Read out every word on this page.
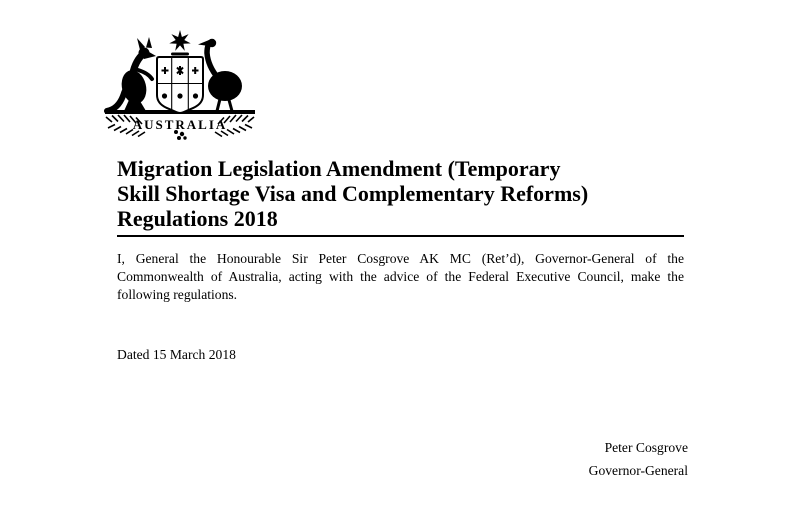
AUSTRALIA
Migration Legislation Amendment (Temporary
Skill Shortage Visa and Complementary Reforms)
Regulations 2018

I, General the Honourable Sir Peter Cosgrove AK MC (Ret’d), Governor-General of the Commonwealth of Australia, acting with the advice of the Federal Executive Council, make the following regulations.

Dated 15 March 2018

Peter Cosgrove
Governor-General
